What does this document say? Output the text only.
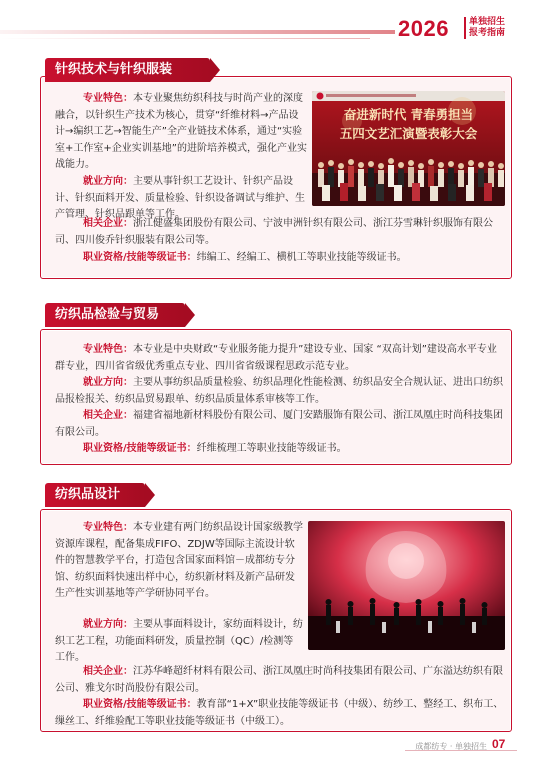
2026 单独招生
报考指南
针织技术与针织服装
奋进新时代 青春勇担当
五四文艺汇演暨表彰大会
专业特色：本专业聚焦纺织科技与时尚产业的深度融合，以针织生产技术为核心，贯穿“纤维材料→产品设计→编织工艺→智能生产”全产业链技术体系，通过“实验室+工作室+企业实训基地”的进阶培养模式，强化产业实战能力。
就业方向：主要从事针织工艺设计、针织产品设计、针织面料开发、质量检验、针织设备调试与维护、生产管理、针织品跟单等工作。
相关企业：浙江健盛集团股份有限公司、宁波申洲针织有限公司、浙江芬雪琳针织服饰有限公司、四川俊乔针织服装有限公司等。
职业资格/技能等级证书：纬编工、经编工、横机工等职业技能等级证书。
纺织品检验与贸易
专业特色：本专业是中央财政“专业服务能力提升”建设专业、国家 “双高计划”建设高水平专业群专业，四川省省级优秀重点专业、四川省省级课程思政示范专业。
就业方向：主要从事纺织品质量检验、纺织品理化性能检测、纺织品安全合规认证、进出口纺织品报检报关、纺织品贸易跟单、纺织品质量体系审核等工作。
相关企业：福建省福地新材料股份有限公司、厦门安踏服饰有限公司、浙江凤凰庄时尚科技集团有限公司。
职业资格/技能等级证书：纤维梳理工等职业技能等级证书。
纺织品设计
专业特色：本专业建有两门纺织品设计国家级教学资源库课程，配备集成FIFO、ZDJW等国际主流设计软件的智慧教学平台，打造包含国家面料馆－成都纺专分馆、纺织面料快速出样中心，纺织新材料及新产品研发生产性实训基地等产学研协同平台。
就业方向：主要从事面料设计，家纺面料设计，纺织工艺工程，功能面料研发，质量控制（QC）/检测等工作。
相关企业：江苏华峰超纤材料有限公司、浙江凤凰庄时尚科技集团有限公司、广东溢达纺织有限公司、雅戈尔时尚股份有限公司。
职业资格/技能等级证书：教育部“1+X”职业技能等级证书（中级）、纺纱工、整经工、织布工、缫丝工、纤维验配工等职业技能等级证书（中级工）。
成都纺专 · 单独招生 07
